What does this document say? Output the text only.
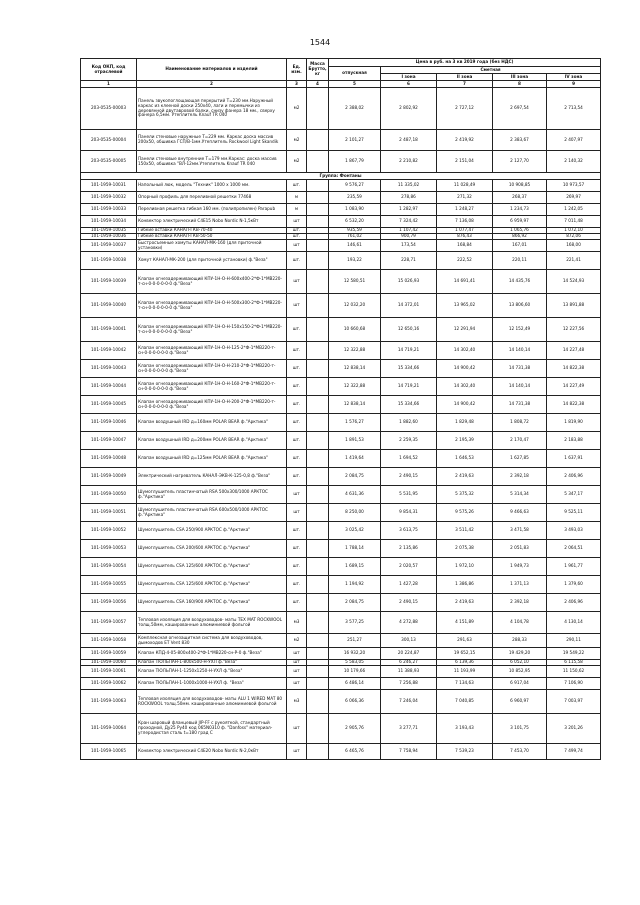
1544
Код ОКП, код отраслевой	Наименование материалов и изделий	Ед. изм.	Масса Брутто, кг	Цена в руб. на 3 кв 2019 года (без НДС)				
				отпускная	Сметная			
					I зона	II зона	III зона	IV зона
1	2	3	4	5	6	7	8	9
203-0535-00003	Панель звукопоглощающая перкрытий Т=230 мм.Наружный каркас из клееной доски 250х40, лаги и перемычки из деревянной двутавровой балки, снизу фанера 18 мм., сверху фанера 6,5мм. Утеплитель Knauf TR 040	м2		2 388,02	2 802,92	2 727,12	2 697,54	2 713,54
203-0535-00004	Панели стеновые наружные Т=229 мм. Каркас доска массив 200х50, обшивка ГСП/В-1мм.Утеплитель Rockwool Light Skandik	м2		2 101,27	2 487,18	2 419,92	2 383,67	2 407,97
203-0535-00005	Панели стеновые внутренние Т=179 мм.Каркас: доска массив 150х50, обшивка "ВЛ-12мм.Утеплитель Knauf TR 040	м2		1 867,79	2 210,82	2 151,04	2 127,70	2 140,32
Группа: Фонтаны								
101-1959-10031	Напольный люк, модель "Техник" 1000 х 1000 мм.	шт.		9 576,27	11 335,02	11 028,49	10 908,85	10 973,57
101-1959-10032	Опорный профиль для переливной решетки 77468	м		235,59	278,86	271,32	268,37	269,97
101-1959-10033	Переливная решетка гибкая 160 мм. (полипропилен) Parapub	м		1 083,90	1 282,97	1 248,27	1 234,73	1 242,05
101-1959-10034	Конвектор электрический C4E15 Nobo Nordic N-1,5кВт	шт		6 532,20	7 324,42	7 136,08	6 959,97	7 011,48
101-1959-10035	Гибкие вставки КАНАЛ-ГКВ-70-40	шт.		935,59	1 107,42	1 077,47	1 065,76	1 072,10
101-1959-10036	Гибкие вставки КАНАЛ-ГКВ-50-50	шт.		761,02	900,79	876,43	866,92	872,06
101-1959-10037	Быстросъемные хомуты КАНАЛ-МК-160 (для приточной установки)	шт		146,61	173,54	168,84	167,01	168,00
101-1959-10038	Хомут КАНАЛ-МК-200 (для приточной установки) ф."Веза"	шт.		193,22	228,71	222,52	220,11	221,41
101-1959-10039	Клапан огнезадерживающий КПУ-1Н-О-Н-600х400-2*Ф-1*МВ220-т-сн-0-0-0-0-0-0 ф."Веза"	шт		12 580,51	15 026,93	14 691,41	14 435,76	14 524,93
101-1959-10040	Клапан огнезадерживающий КПУ-1Н-О-Н-500х300-2*Ф-1*МВ220-т-сн-0-0-0-0-0-0 ф."Веза"	шт		12 032,20	14 372,01	13 965,02	13 806,60	13 891,88
101-1959-10041	Клапан огнезадерживающий КПУ-1Н-О-Н-150х150-2*Ф-1*МВ220-т-сн-0-0-0-0-0-0 ф."Веза"	шт.		10 660,68	12 650,16	12 291,94	12 152,49	12 227,56
101-1959-10042	Клапан огнезадерживающий КПУ-1Н-О-Н-125-2*Ф-1*МВ220-т-сн-0-0-0-0-0-0 ф."Веза"	шт.		12 322,88	14 719,21	14 302,40	14 140,14	14 227,48
101-1959-10043	Клапан огнезадерживающий КПУ-1Н-О-Н-210-2*Ф-1*МВ220-т-сн-0-0-0-0-0-0 ф."Веза"	шт.		12 838,14	15 334,66	14 900,42	14 731,38	14 822,38
101-1959-10044	Клапан огнезадерживающий КПУ-1Н-О-Н-160-2*Ф-1*МВ220-т-сн-0-0-0-0-0-0 ф."Веза"	шт.		12 322,88	14 719,21	14 302,40	14 140,14	14 227,49
101-1959-10045	Клапан огнезадерживающий КПУ-1Н-О-Н-200-2*Ф-1*МВ220-т-сн-0-0-0-0-0-0 ф."Веза"	шт.		12 838,14	15 334,66	14 900,42	14 731,38	14 822,38
101-1959-10046	Клапан воздушный IRD д=160мм POLAR BEAR ф."Арктика"	шт.		1 576,27	1 882,60	1 829,48	1 808,72	1 819,90
101-1959-10047	Клапан воздушный IRD д=200мм POLAR BEAR ф."Арктика"	шт.		1 891,53	2 259,35	2 195,39	2 170,47	2 183,88
101-1959-10048	Клапан воздушный IRD д=125мм POLAR BEAR ф."Арктика"	шт.		1 419,64	1 694,52	1 646,53	1 627,85	1 637,91
101-1959-10049	Электрический нагреватель КАНАЛ-ЭКВ-К-125-0,8 ф."Веза"	шт.		2 084,75	2 490,15	2 419,63	2 392,18	2 406,96
101-1959-10050	Шумоглушитель пластинчатый RSA 500х300/1000 АРКТОС ф."Арктика"	шт		4 631,36	5 531,95	5 375,32	5 314,34	5 347,17
101-1959-10051	Шумоглушитель пластинчатый RSA 600х500/1000 АРКТОС ф."Арктика"	шт		8 250,00	9 854,31	9 575,26	9 466,63	9 525,11
101-1959-10052	Шумоглушитель CSA 250/900 АРКТОС ф."Арктика"	шт.		3 025,42	3 613,75	3 511,42	3 471,58	3 493,03
101-1959-10053	Шумоглушитель CSA 200/600 АРКТОС ф."Арктика"	шт.		1 788,14	2 135,86	2 075,38	2 051,83	2 064,51
101-1959-10054	Шумоглушитель CSA 125/600 АРКТОС ф."Арктика"	шт.		1 689,15	2 020,57	1 972,10	1 949,73	1 961,77
101-1959-10055	Шумоглушитель CSA 125/600 АРКТОС ф."Арктика"	шт.		1 194,92	1 427,28	1 386,86	1 371,13	1 379,60
101-1959-10056	Шумоглушитель CSA 160/900 АРКТОС ф."Арктика"	шт.		2 084,75	2 490,15	2 419,63	2 392,18	2 406,96
101-1959-10057	Тепловая изоляция для воздуховодов- маты TEX MAT ROCKWOOL толщ.50мм, кашированные алюминиевой фольгой	м3		3 577,25	4 272,88	4 151,89	4 104,78	4 130,14
101-1959-10058	Комплексная огнезащитная система для воздуховодов, дымоходов ET Vent 830	м2		251,27	300,13	291,63	288,33	290,11
101-1959-10059	Клапан КПД-4-05-800х400-2*Ф-1*МВ220-сн-Р-0 ф."Веза"	шт		16 932,20	20 224,87	19 652,15	19 429,20	19 549,22
101-1959-10060	Клапан ТЮЛЬПАН-1-800х500-Н-УХЛ ф."Веза"	шт		5 583,05	6 246,27	6 139,36	6 052,10	6 115,58
101-1959-10061	Клапан ТЮЛЬПАН-1-1250х1250-Н-УХЛ ф."Веза"	шт		10 179,66	11 388,93	11 193,99	10 852,95	11 150,62
101-1959-10062	Клапан ТЮЛЬПАН-1-1000х1000-Н-УХЛ ф. "Веза"	шт		6 486,14	7 256,88	7 134,63	6 917,04	7 106,90
101-1959-10063	Тепловая изоляция для воздуховодов- маты ALU 1 WIRED MAT 80 ROCKWOOL толщ.50мм. кашированные алюминиевой фольгой	м3		6 066,36	7 246,04	7 040,85	6 960,97	7 003,97
101-1959-10064	Кран шаровый фланцевый JIP-FF с рукояткой, стандартный проходной, Ду25 Ру40 код 065N0310 ф. "Danfoss" материал-углеродистая сталь t=180 град С	шт		2 905,76	3 277,71	3 193,43	3 101,75	3 201,26
101-1959-10065	Конвектор электрический C4E20 Nobo Nordic N-2,0кВт	шт		6 465,76	7 758,94	7 539,23	7 453,70	7 499,74
